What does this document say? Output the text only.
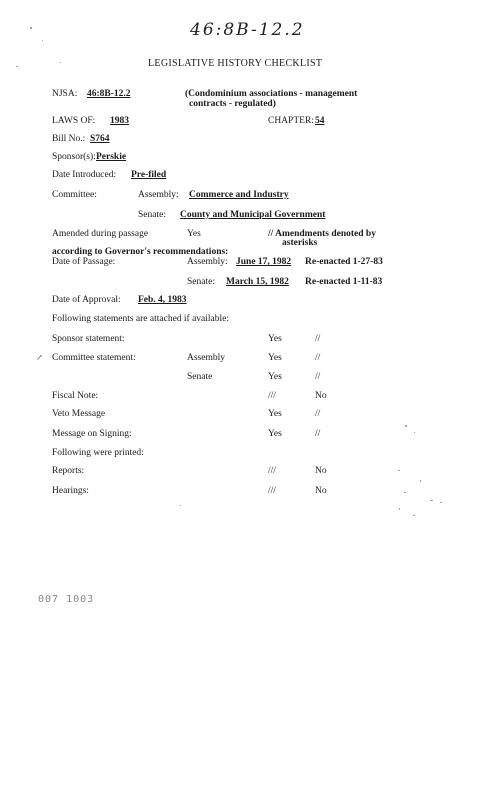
46:8B-12.2
LEGISLATIVE HISTORY CHECKLIST
NJSA: 46:8B-12.2	(Condominium associations - management
contracts - regulated)
LAWS OF: 1983	CHAPTER: 54
Bill No.: S764
Sponsor(s): Perskie
Date Introduced: Pre-filed
Committee:	Assembly: Commerce and Industry
Senate: County and Municipal Government
Amended during passage	Yes	// Amendments denoted by
asterisks
according to Governor's recommendations:
Date of Passage:	Assembly: June 17, 1982 Re-enacted 1-27-83
Senate: March 15, 1982 Re-enacted 1-11-83
Date of Approval: Feb. 4, 1983
Following statements are attached if available:
Sponsor statement:	Yes	//
↗ Committee statement:	Assembly	Yes	//
Senate	Yes	//
Fiscal Note:	///	No
Veto Message	Yes	//
Message on Signing:	Yes	//
Following were printed:
Reports:	///	No
Hearings:	///	No
007 1003
